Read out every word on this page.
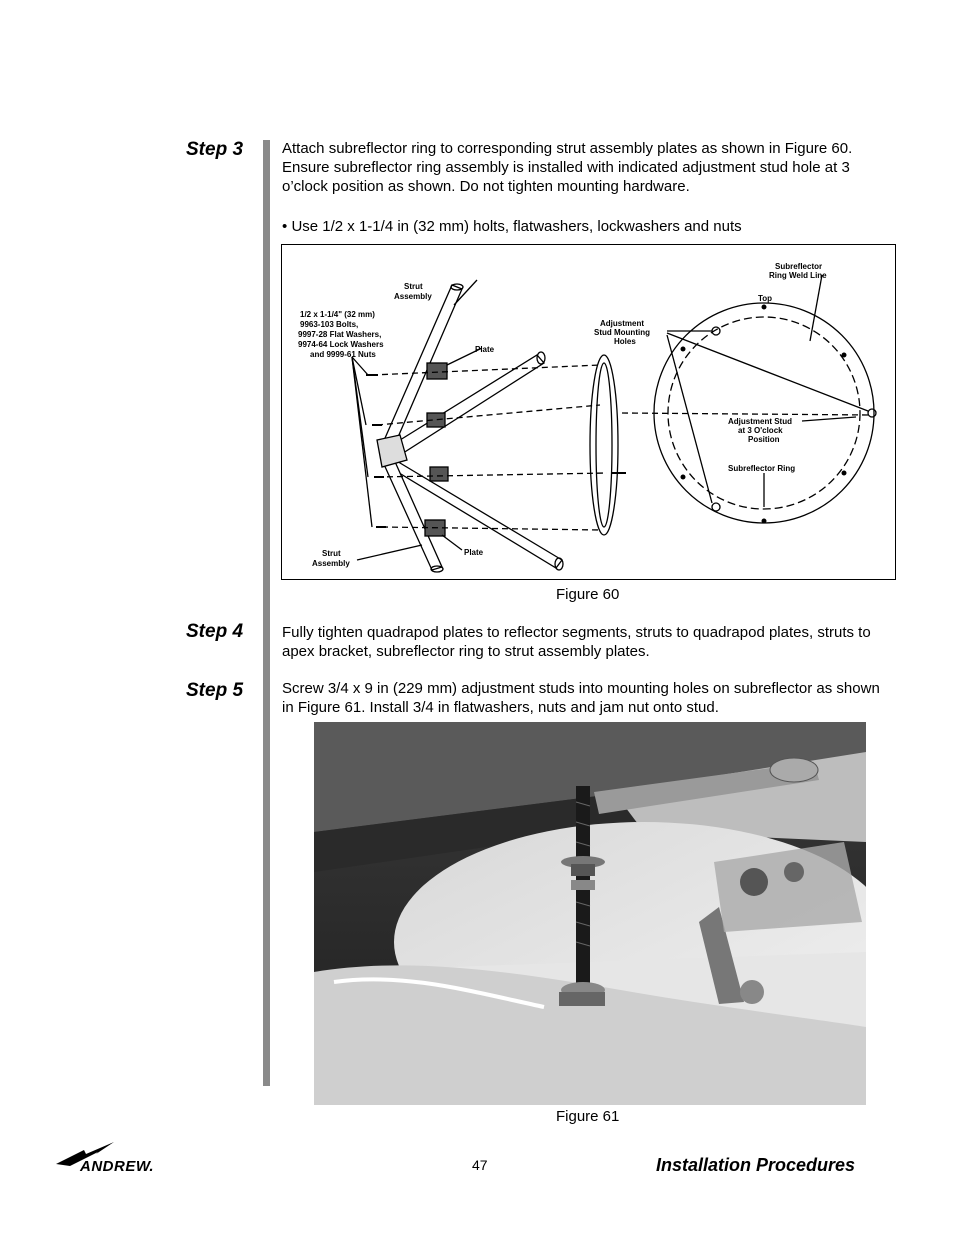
Step 3
Step 4
Step 5
Attach subreflector ring to corresponding strut assembly plates as shown in Figure 60. Ensure subreflector ring assembly is installed with indicated adjustment stud hole at 3 o’clock position as shown. Do not tighten mounting hardware.
• Use 1/2 x 1-1/4 in (32 mm) holts, flatwashers, lockwashers and nuts
Strut
Assembly
1/2 x 1-1/4" (32 mm)
9963-103 Bolts,
9997-28 Flat Washers,
9974-64 Lock Washers
and 9999-61 Nuts
Plate
Plate
Strut
Assembly
Adjustment
Stud Mounting
Holes
Subreflector
Ring Weld Line
Top
Adjustment Stud
at 3 O'clock
Position
Subreflector Ring
Figure 60
Fully tighten quadrapod plates to reflector segments, struts to quadrapod plates, struts to apex bracket, subreflector ring to strut assembly plates.
Screw 3/4 x 9 in (229 mm) adjustment studs into mounting holes on subreflector as shown in Figure 61. Install 3/4 in flatwashers, nuts and jam nut onto stud.
Figure 61
ANDREW.	47	Installation Procedures
